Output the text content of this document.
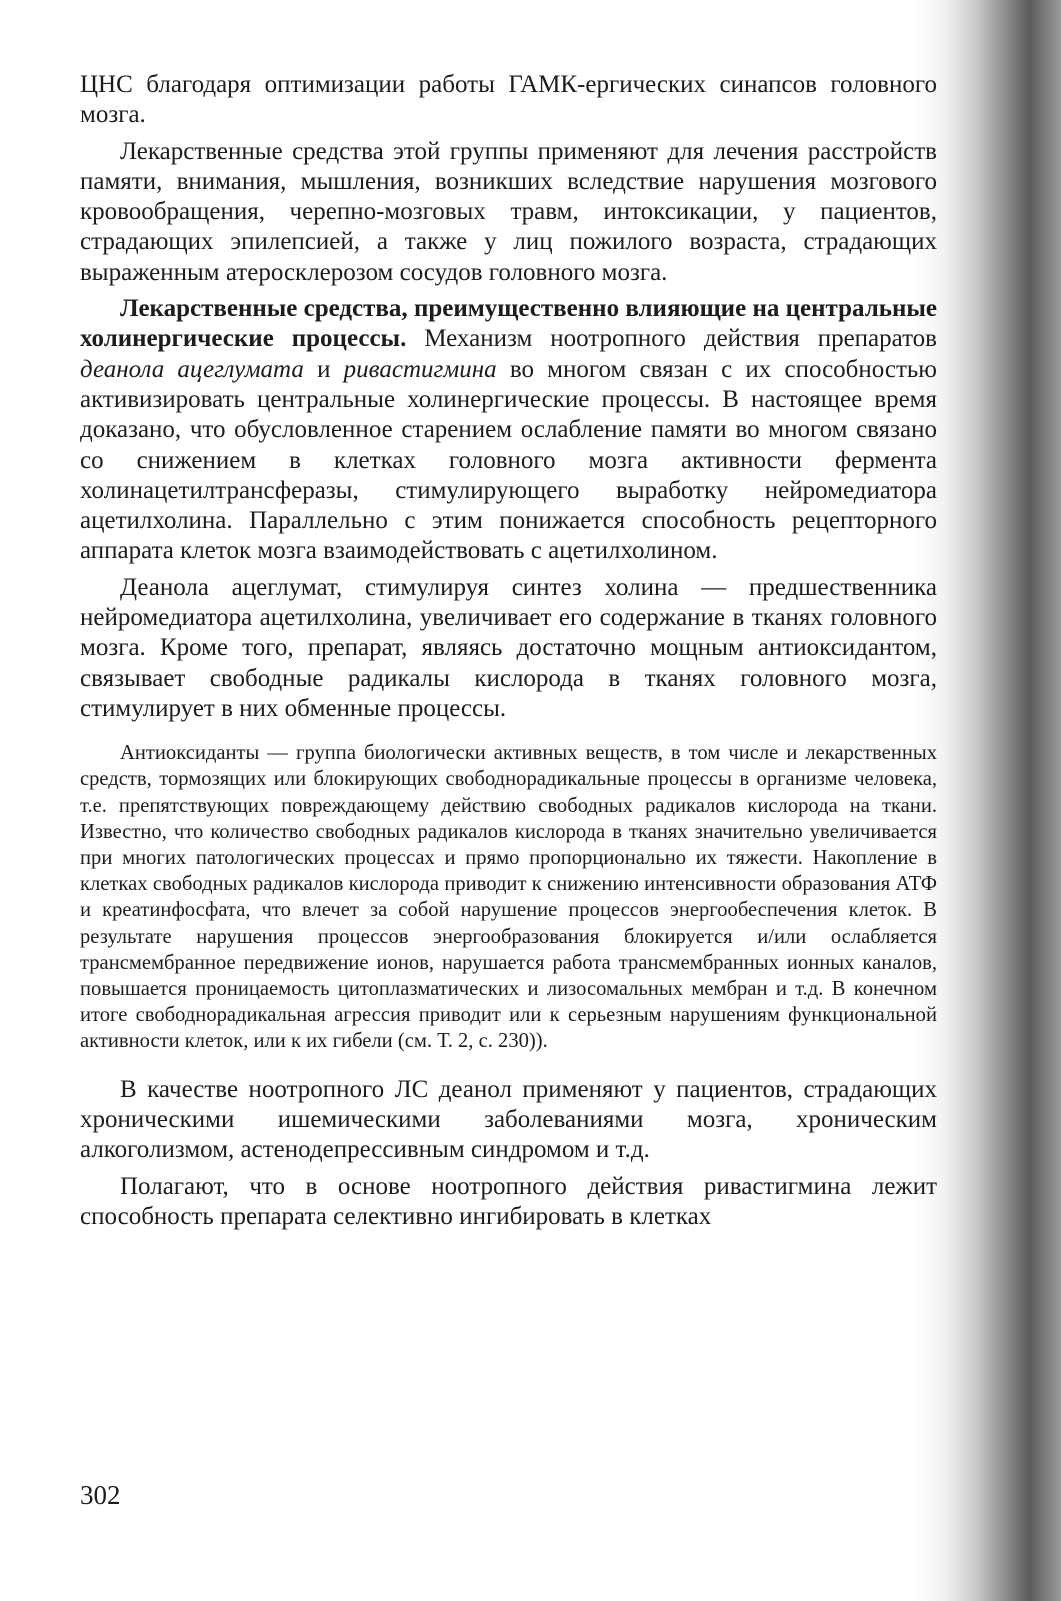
ЦНС благодаря оптимизации работы ГАМК-ергических синапсов головного мозга.

Лекарственные средства этой группы применяют для лечения расстройств памяти, внимания, мышления, возникших вследствие нарушения мозгового кровообращения, черепно-мозговых травм, интоксикации, у пациентов, страдающих эпилепсией, а также у лиц пожилого возраста, страдающих выраженным атеросклерозом сосудов головного мозга.

Лекарственные средства, преимущественно влияющие на центральные холинергические процессы. Механизм ноотропного действия препаратов деанола ацеглумата и ривастигмина во многом связан с их способностью активизировать центральные холинергические процессы. В настоящее время доказано, что обусловленное старением ослабление памяти во многом связано со снижением в клетках головного мозга активности фермента холинацетилтрансферазы, стимулирующего выработку нейромедиатора ацетилхолина. Параллельно с этим понижается способность рецепторного аппарата клеток мозга взаимодействовать с ацетилхолином.

Деанола ацеглумат, стимулируя синтез холина — предшественника нейромедиатора ацетилхолина, увеличивает его содержание в тканях головного мозга. Кроме того, препарат, являясь достаточно мощным антиоксидантом, связывает свободные радикалы кислорода в тканях головного мозга, стимулирует в них обменные процессы.

Антиоксиданты — группа биологически активных веществ, в том числе и лекарственных средств, тормозящих или блокирующих свободнорадикальные процессы в организме человека, т.е. препятствующих повреждающему действию свободных радикалов кислорода на ткани. Известно, что количество свободных радикалов кислорода в тканях значительно увеличивается при многих патологических процессах и прямо пропорционально их тяжести. Накопление в клетках свободных радикалов кислорода приводит к снижению интенсивности образования АТФ и креатинфосфата, что влечет за собой нарушение процессов энергообеспечения клеток. В результате нарушения процессов энергообразования блокируется и/или ослабляется трансмембранное передвижение ионов, нарушается работа трансмембранных ионных каналов, повышается проницаемость цитоплазматических и лизосомальных мембран и т.д. В конечном итоге свободнорадикальная агрессия приводит или к серьезным нарушениям функциональной активности клеток, или к их гибели (см. Т. 2, с. 230)).

В качестве ноотропного ЛС деанол применяют у пациентов, страдающих хроническими ишемическими заболеваниями мозга, хроническим алкоголизмом, астенодепрессивным синдромом и т.д.

Полагают, что в основе ноотропного действия ривастигмина лежит способность препарата селективно ингибировать в клетках

302
